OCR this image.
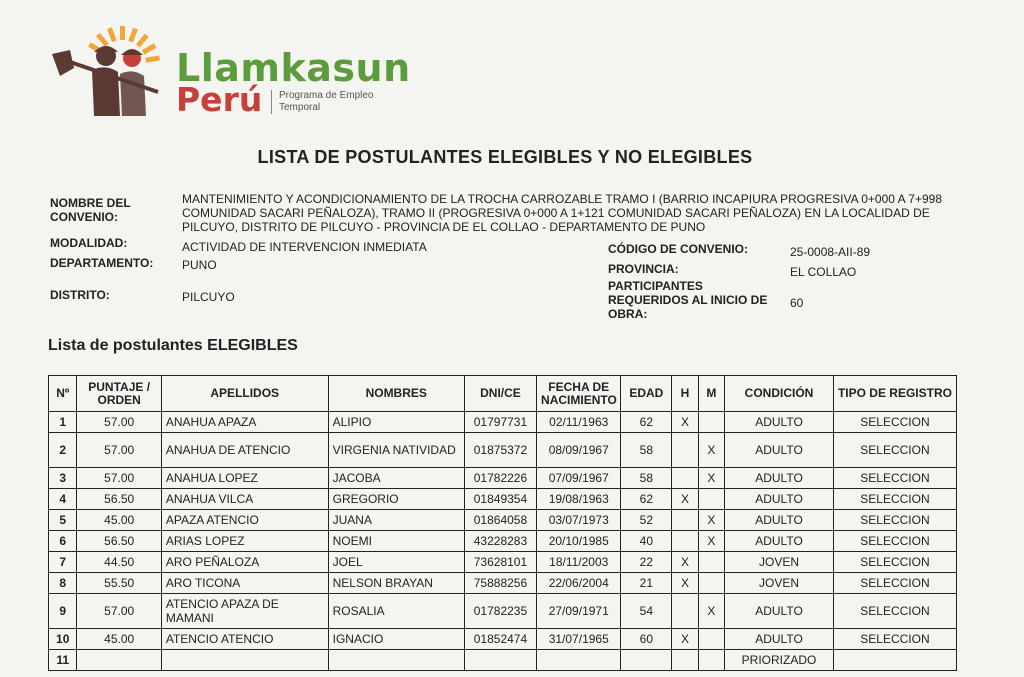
Llamkasun
Perú Programa de Empleo Temporal
LISTA DE POSTULANTES ELEGIBLES Y NO ELEGIBLES
NOMBRE DEL CONVENIO:
MANTENIMIENTO Y ACONDICIONAMIENTO DE LA TROCHA CARROZABLE TRAMO I (BARRIO INCAPIURA PROGRESIVA 0+000 A 7+998 COMUNIDAD SACARI PEÑALOZA), TRAMO II (PROGRESIVA 0+000 A 1+121 COMUNIDAD SACARI PEÑALOZA) EN LA LOCALIDAD DE PILCUYO, DISTRITO DE PILCUYO - PROVINCIA DE EL COLLAO - DEPARTAMENTO DE PUNO
MODALIDAD:	ACTIVIDAD DE INTERVENCION INMEDIATA
DEPARTAMENTO: PUNO
DISTRITO:	PILCUYO
CÓDIGO DE CONVENIO:	25-0008-AII-89
PROVINCIA:	EL COLLAO
PARTICIPANTES REQUERIDOS AL INICIO DE OBRA:
60
Lista de postulantes ELEGIBLES
Nº	PUNTAJE / ORDEN	APELLIDOS	NOMBRES	DNI/CE	FECHA DE NACIMIENTO	EDAD	H	M	CONDICIÓN	TIPO DE REGISTRO
1	57.00	ANAHUA APAZA	ALIPIO	01797731	02/11/1963	62	X		ADULTO	SELECCION
2	57.00	ANAHUA DE ATENCIO	VIRGENIA NATIVIDAD	01875372	08/09/1967	58		X	ADULTO	SELECCION
3	57.00	ANAHUA LOPEZ	JACOBA	01782226	07/09/1967	58		X	ADULTO	SELECCION
4	56.50	ANAHUA VILCA	GREGORIO	01849354	19/08/1963	62	X		ADULTO	SELECCION
5	45.00	APAZA ATENCIO	JUANA	01864058	03/07/1973	52		X	ADULTO	SELECCION
6	56.50	ARIAS LOPEZ	NOEMI	43228283	20/10/1985	40		X	ADULTO	SELECCION
7	44.50	ARO PEÑALOZA	JOEL	73628101	18/11/2003	22	X		JOVEN	SELECCION
8	55.50	ARO TICONA	NELSON BRAYAN	75888256	22/06/2004	21	X		JOVEN	SELECCION
9	57.00	ATENCIO APAZA DE MAMANI	ROSALIA	01782235	27/09/1971	54		X	ADULTO	SELECCION
10	45.00	ATENCIO ATENCIO	IGNACIO	01852474	31/07/1965	60	X		ADULTO	SELECCION
11									PRIORIZADO	
